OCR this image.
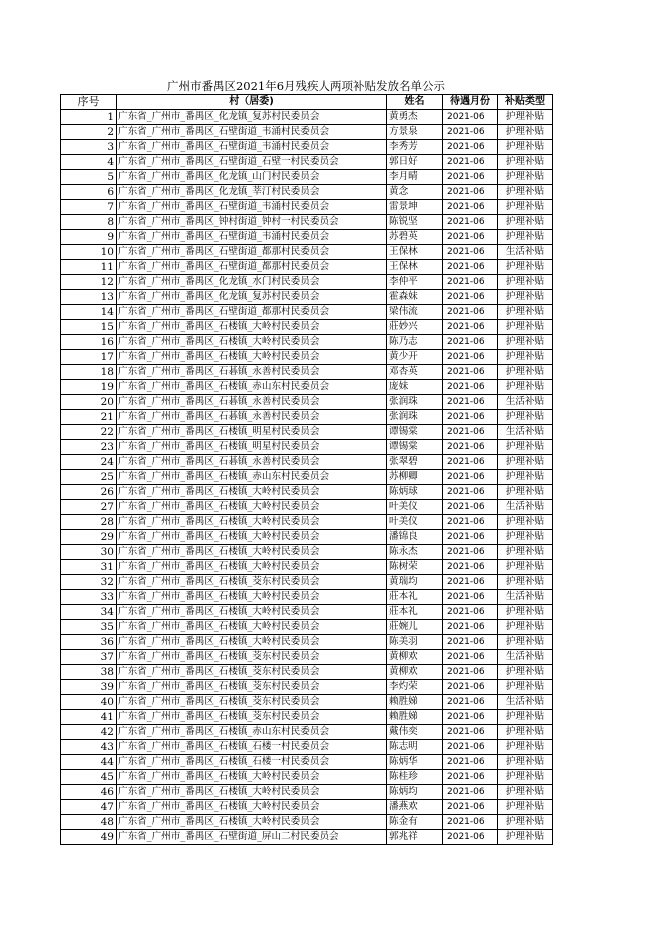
广州市番禺区2021年6月残疾人两项补贴发放名单公示
序号	村（居委)	姓名	待遇月份	补贴类型
1	广东省_广州市_番禺区_化龙镇_复苏村民委员会	黄勇杰	2021-06	护理补贴
2	广东省_广州市_番禺区_石壁街道_韦涌村民委员会	方景泉	2021-06	护理补贴
3	广东省_广州市_番禺区_石壁街道_韦涌村民委员会	李秀芳	2021-06	护理补贴
4	广东省_广州市_番禺区_石壁街道_石壁一村民委员会	郭日好	2021-06	护理补贴
5	广东省_广州市_番禺区_化龙镇_山门村民委员会	李月晴	2021-06	护理补贴
6	广东省_广州市_番禺区_化龙镇_莘汀村民委员会	黄念	2021-06	护理补贴
7	广东省_广州市_番禺区_石壁街道_韦涌村民委员会	雷景坤	2021-06	护理补贴
8	广东省_广州市_番禺区_钟村街道_钟村一村民委员会	陈锐坚	2021-06	护理补贴
9	广东省_广州市_番禺区_石壁街道_韦涌村民委员会	苏碧英	2021-06	护理补贴
10	广东省_广州市_番禺区_石壁街道_都那村民委员会	王保林	2021-06	生活补贴
11	广东省_广州市_番禺区_石壁街道_都那村民委员会	王保林	2021-06	护理补贴
12	广东省_广州市_番禺区_化龙镇_水门村民委员会	李仲平	2021-06	护理补贴
13	广东省_广州市_番禺区_化龙镇_复苏村民委员会	霍森妹	2021-06	护理补贴
14	广东省_广州市_番禺区_石壁街道_都那村民委员会	梁伟流	2021-06	护理补贴
15	广东省_广州市_番禺区_石楼镇_大岭村民委员会	莊妙兴	2021-06	护理补贴
16	广东省_广州市_番禺区_石楼镇_大岭村民委员会	陈乃志	2021-06	护理补贴
17	广东省_广州市_番禺区_石楼镇_大岭村民委员会	黄少开	2021-06	护理补贴
18	广东省_广州市_番禺区_石碁镇_永善村民委员会	邓杏英	2021-06	护理补贴
19	广东省_广州市_番禺区_石楼镇_赤山东村民委员会	庞妹	2021-06	护理补贴
20	广东省_广州市_番禺区_石碁镇_永善村民委员会	张润珠	2021-06	生活补贴
21	广东省_广州市_番禺区_石碁镇_永善村民委员会	张润珠	2021-06	护理补贴
22	广东省_广州市_番禺区_石楼镇_明星村民委员会	谭锡棠	2021-06	生活补贴
23	广东省_广州市_番禺区_石楼镇_明星村民委员会	谭锡棠	2021-06	护理补贴
24	广东省_广州市_番禺区_石碁镇_永善村民委员会	张翠碧	2021-06	护理补贴
25	广东省_广州市_番禺区_石楼镇_赤山东村民委员会	苏柳卿	2021-06	护理补贴
26	广东省_广州市_番禺区_石楼镇_大岭村民委员会	陈炳球	2021-06	护理补贴
27	广东省_广州市_番禺区_石楼镇_大岭村民委员会	叶美仪	2021-06	生活补贴
28	广东省_广州市_番禺区_石楼镇_大岭村民委员会	叶美仪	2021-06	护理补贴
29	广东省_广州市_番禺区_石楼镇_大岭村民委员会	潘锦良	2021-06	护理补贴
30	广东省_广州市_番禺区_石楼镇_大岭村民委员会	陈永杰	2021-06	护理补贴
31	广东省_广州市_番禺区_石楼镇_大岭村民委员会	陈树荣	2021-06	护理补贴
32	广东省_广州市_番禺区_石楼镇_茭东村民委员会	黄瑞均	2021-06	护理补贴
33	广东省_广州市_番禺区_石楼镇_大岭村民委员会	莊本礼	2021-06	生活补贴
34	广东省_广州市_番禺区_石楼镇_大岭村民委员会	莊本礼	2021-06	护理补贴
35	广东省_广州市_番禺区_石楼镇_大岭村民委员会	莊婉儿	2021-06	护理补贴
36	广东省_广州市_番禺区_石楼镇_大岭村民委员会	陈美羽	2021-06	护理补贴
37	广东省_广州市_番禺区_石楼镇_茭东村民委员会	黄柳欢	2021-06	生活补贴
38	广东省_广州市_番禺区_石楼镇_茭东村民委员会	黄柳欢	2021-06	护理补贴
39	广东省_广州市_番禺区_石楼镇_茭东村民委员会	李灼荣	2021-06	护理补贴
40	广东省_广州市_番禺区_石楼镇_茭东村民委员会	赖胜娣	2021-06	生活补贴
41	广东省_广州市_番禺区_石楼镇_茭东村民委员会	赖胜娣	2021-06	护理补贴
42	广东省_广州市_番禺区_石楼镇_赤山东村民委员会	戴伟奕	2021-06	护理补贴
43	广东省_广州市_番禺区_石楼镇_石楼一村民委员会	陈志明	2021-06	护理补贴
44	广东省_广州市_番禺区_石楼镇_石楼一村民委员会	陈炳华	2021-06	护理补贴
45	广东省_广州市_番禺区_石楼镇_大岭村民委员会	陈桂珍	2021-06	护理补贴
46	广东省_广州市_番禺区_石楼镇_大岭村民委员会	陈炳均	2021-06	护理补贴
47	广东省_广州市_番禺区_石楼镇_大岭村民委员会	潘燕欢	2021-06	护理补贴
48	广东省_广州市_番禺区_石楼镇_大岭村民委员会	陈金有	2021-06	护理补贴
49	广东省_广州市_番禺区_石壁街道_屏山二村民委员会	郭兆祥	2021-06	护理补贴
